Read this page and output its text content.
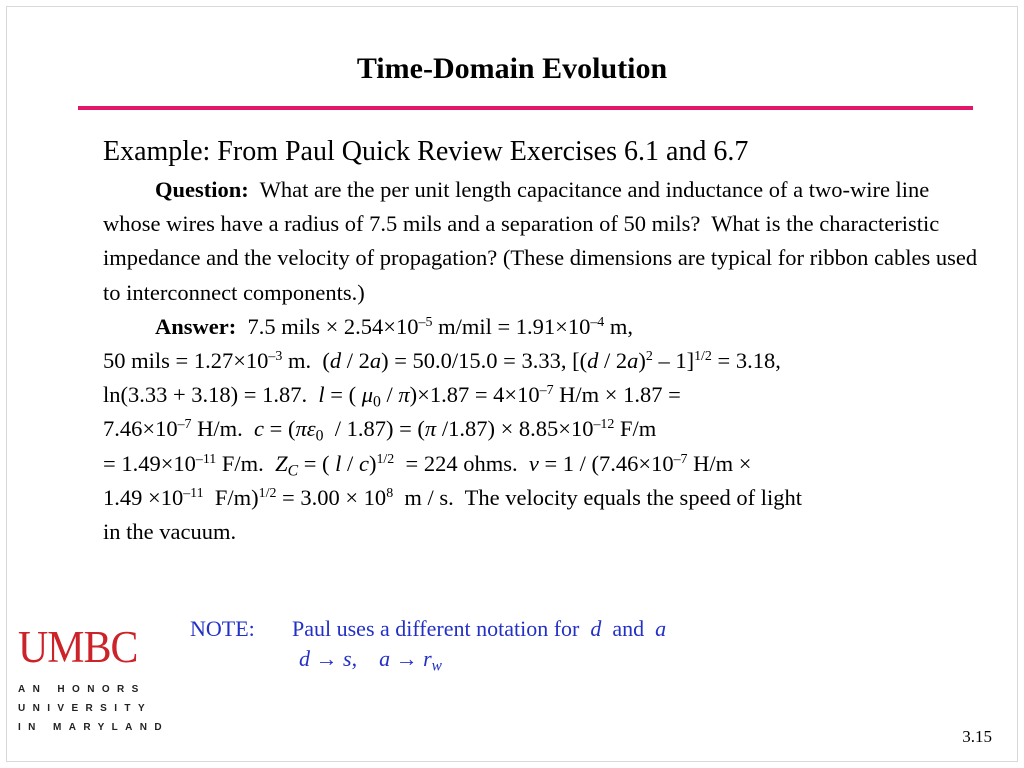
Time-Domain Evolution
Example: From Paul Quick Review Exercises 6.1 and 6.7
Question:  What are the per unit length capacitance and inductance of a two-wire line whose wires have a radius of 7.5 mils and a separation of 50 mils?  What is the characteristic impedance and the velocity of propagation? (These dimensions are typical for ribbon cables used to interconnect components.)
Answer:  7.5 mils × $2.54\times 10^{-5}$ $m/mil = 1.91\times 10^{-4}$ m,
50 mils = $1.27\times 10^{-3}$ m.  (d / 2a) = 50.0/15.0 = 3.33, [(d / 2a)$^2$ – 1]$^{1/2}$ = 3.18,
ln(3.33 + 3.18) = 1.87.  l = ( $\mu_0 / \pi)\times 1.87 = 4\times 10^{-7}$ H/m × 1.87 =
$7.46\times 10^{-7}$ H/m.  $c = (\pi\varepsilon_0 / 1.87) = (\pi$ $/1.87) \times 8.85\times 10^{-12}$ F/m
= $1.49\times 10^{-11}$ F/m.  $Z_C$ = ( l / c)$^{1/2}$  = 224 ohms.  $v = 1 / (7.46\times 10^{-7}$ H/m ×
$1.49 \times 10^{-11}$  $F/m)^{1/2} = 3.00 \times 10^8$  m / s.  The velocity equals the speed of light
in the vacuum.
NOTE: Paul uses a different notation for  d  and  a
d → s,    $a \to r_w$
UMBC
AN HONORS
UNIVERSITY
IN MARYLAND	3.15
